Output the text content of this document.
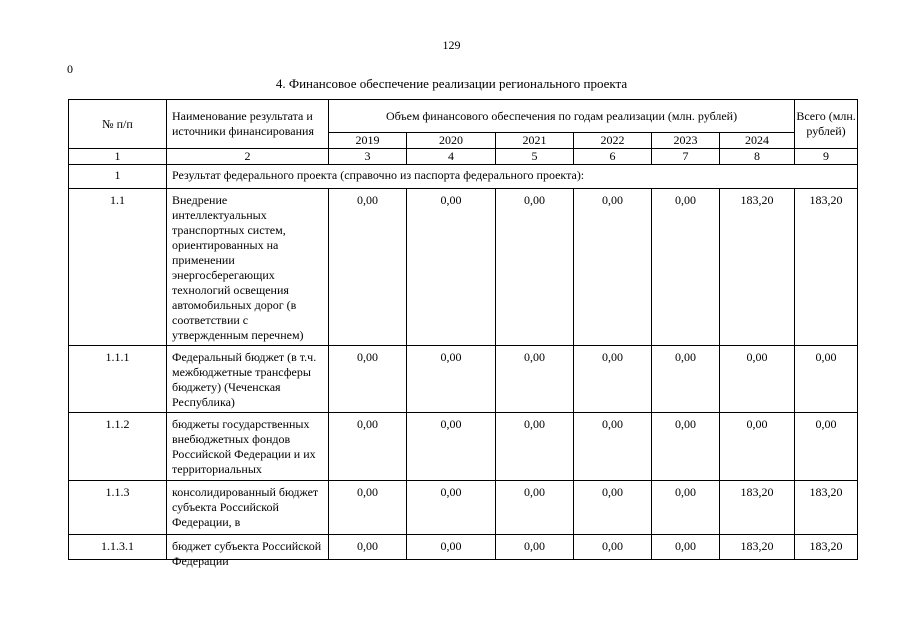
129
0
4. Финансовое обеспечение реализации регионального проекта
№ п/п	Наименование результата и источники финансирования	Объем финансового обеспечения по годам реализации (млн. рублей)						Всего (млн. рублей)
		2019	2020	2021	2022	2023	2024	
1	2	3	4	5	6	7	8	9
1	Результат федерального проекта (справочно из паспорта федерального проекта):							
1.1	Внедрение интеллектуальных транспортных систем, ориентированных на применении энергосберегающих технологий освещения автомобильных дорог (в соответствии с утвержденным перечнем)	0,00	0,00	0,00	0,00	0,00	183,20	183,20
1.1.1	Федеральный бюджет (в т.ч. межбюджетные трансферы бюджету) (Чеченская Республика)	0,00	0,00	0,00	0,00	0,00	0,00	0,00
1.1.2	бюджеты государственных внебюджетных фондов Российской Федерации и их территориальных	0,00	0,00	0,00	0,00	0,00	0,00	0,00
1.1.3	консолидированный бюджет субъекта Российской Федерации, в	0,00	0,00	0,00	0,00	0,00	183,20	183,20

1.1.3.1	бюджет субъекта Российской Федерации	0,00	0,00	0,00	0,00	0,00	183,20	183,20
